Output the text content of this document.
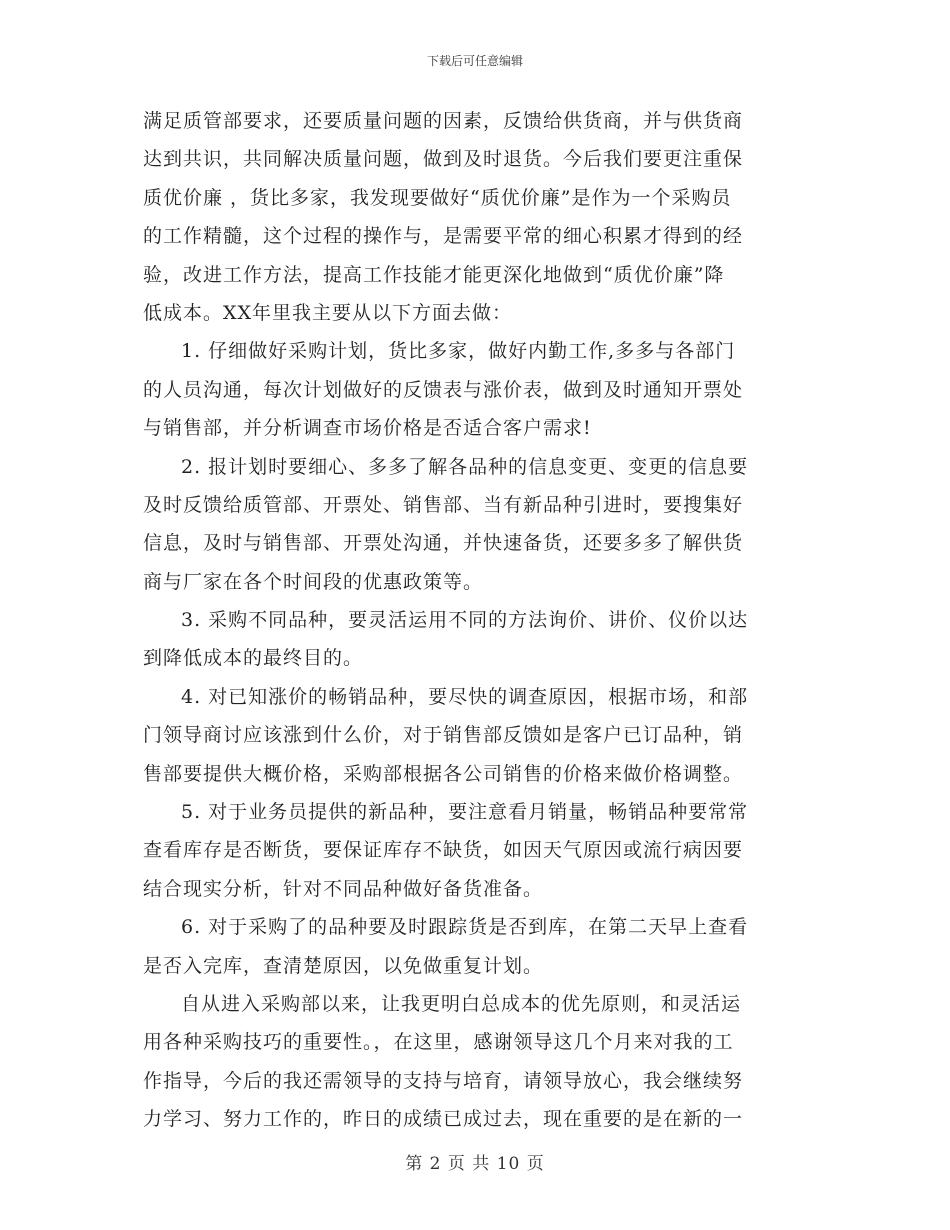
下载后可任意编辑
满足质管部要求，还要质量问题的因素，反馈给供货商，并与供货商
达到共识，共同解决质量问题，做到及时退货。今后我们要更注重保
质优价廉 ，货比多家，我发现要做好“质优价廉”是作为一个采购员
的工作精髓，这个过程的操作与，是需要平常的细心积累才得到的经
验，改进工作方法，提高工作技能才能更深化地做到“质优价廉”降
低成本。XX年里我主要从以下方面去做：
1. 仔细做好采购计划，货比多家，做好内勤工作,多多与各部门
的人员沟通，每次计划做好的反馈表与涨价表，做到及时通知开票处
与销售部，并分析调查市场价格是否适合客户需求!
2. 报计划时要细心、多多了解各品种的信息变更、变更的信息要
及时反馈给质管部、开票处、销售部、当有新品种引进时，要搜集好
信息，及时与销售部、开票处沟通，并快速备货，还要多多了解供货
商与厂家在各个时间段的优惠政策等。
3. 采购不同品种，要灵活运用不同的方法询价、讲价、仪价以达
到降低成本的最终目的。
4. 对已知涨价的畅销品种，要尽快的调查原因，根据市场，和部
门领导商讨应该涨到什么价，对于销售部反馈如是客户已订品种，销
售部要提供大概价格，采购部根据各公司销售的价格来做价格调整。
5. 对于业务员提供的新品种，要注意看月销量，畅销品种要常常
查看库存是否断货，要保证库存不缺货，如因天气原因或流行病因要
结合现实分析，针对不同品种做好备货准备。
6. 对于采购了的品种要及时跟踪货是否到库，在第二天早上查看
是否入完库，查清楚原因，以免做重复计划。
自从进入采购部以来，让我更明白总成本的优先原则，和灵活运
用各种采购技巧的重要性。，在这里，感谢领导这几个月来对我的工
作指导，今后的我还需领导的支持与培育，请领导放心，我会继续努
力学习、努力工作的，昨日的成绩已成过去，现在重要的是在新的一
第 2 页 共 10 页
